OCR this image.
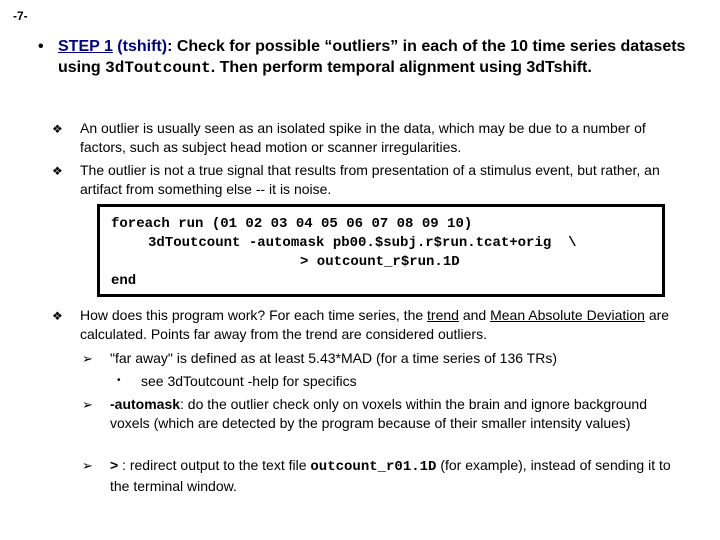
-7-
• STEP 1 (tshift): Check for possible “outliers” in each of the 10 time series datasets using 3dToutcount. Then perform temporal alignment using 3dTshift.
❖ An outlier is usually seen as an isolated spike in the data, which may be due to a number of factors, such as subject head motion or scanner irregularities.
❖ The outlier is not a true signal that results from presentation of a stimulus event, but rather, an artifact from something else -- it is noise.
foreach run (01 02 03 04 05 06 07 08 09 10)
3dToutcount -automask pb00.$subj.r$run.tcat+orig  \
> outcount_r$run.1D
end
❖ How does this program work? For each time series, the trend and Mean Absolute Deviation are calculated. Points far away from the trend are considered outliers.
➢ "far away" is defined as at least 5.43*MAD (for a time series of 136 TRs)
• see 3dToutcount -help for specifics
➢ -automask: do the outlier check only on voxels within the brain and ignore background voxels (which are detected by the program because of their smaller intensity values)
➢ > : redirect output to the text file outcount_r01.1D (for example), instead of sending it to the terminal window.
